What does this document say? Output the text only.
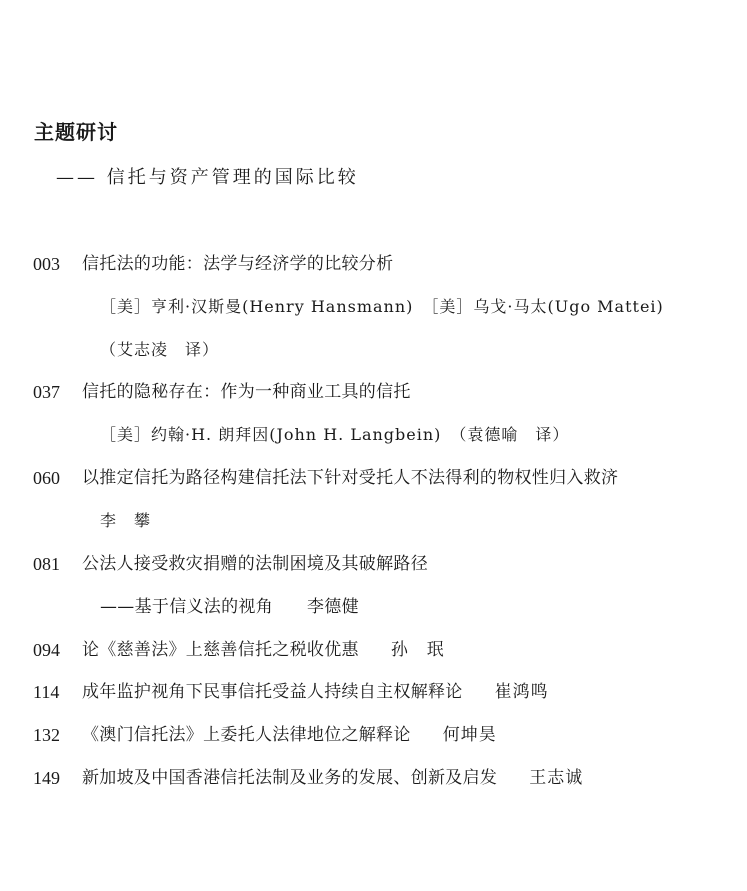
主题研讨
—— 信托与资产管理的国际比较
003 信托法的功能：法学与经济学的比较分析
［美］亨利·汉斯曼(Henry Hansmann)　［美］乌戈·马太(Ugo Mattei)
（艾志凌　译）
037 信托的隐秘存在：作为一种商业工具的信托
［美］约翰·H. 朗拜因(John H. Langbein)　（袁德喻　译）
060 以推定信托为路径构建信托法下针对受托人不法得利的物权性归入救济
李　攀
081 公法人接受救灾捐赠的法制困境及其破解路径
——基于信义法的视角 李德健
094 论《慈善法》上慈善信托之税收优惠 孙　珉
114 成年监护视角下民事信托受益人持续自主权解释论 崔鸿鸣
132 《澳门信托法》上委托人法律地位之解释论 何坤昊
149 新加坡及中国香港信托法制及业务的发展、创新及启发 王志诚
